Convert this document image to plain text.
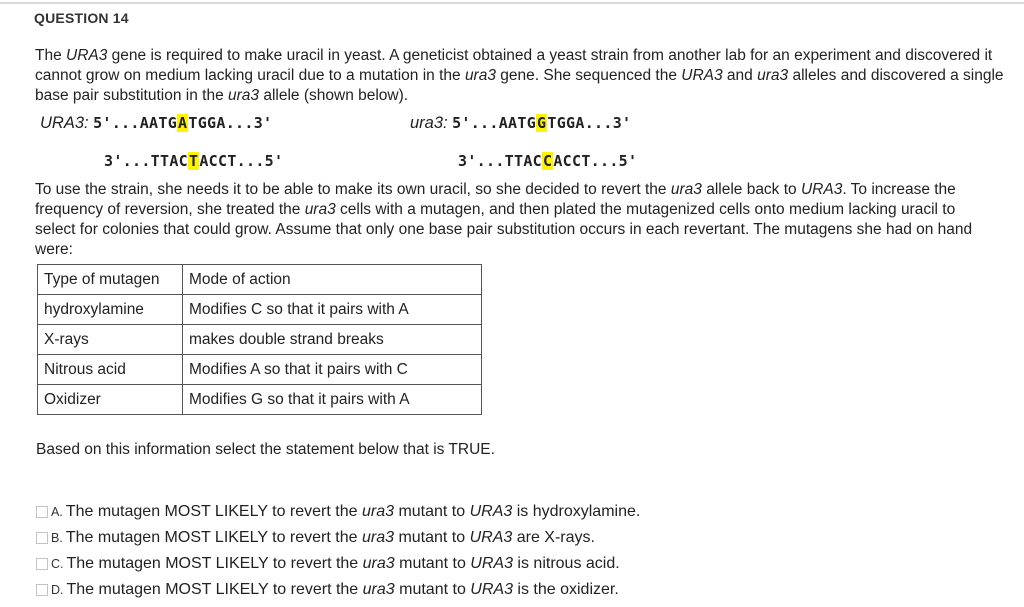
QUESTION 14
The URA3 gene is required to make uracil in yeast. A geneticist obtained a yeast strain from another lab for an experiment and discovered it cannot grow on medium lacking uracil due to a mutation in the ura3 gene. She sequenced the URA3 and ura3 alleles and discovered a single base pair substitution in the ura3 allele (shown below).
URA3: 5'...AATGATGGA...3'	ura3: 5'...AATGGTGGA...3'
3'...TTACTACCT...5'	3'...TTACCACCT...5'
To use the strain, she needs it to be able to make its own uracil, so she decided to revert the ura3 allele back to URA3. To increase the frequency of reversion, she treated the ura3 cells with a mutagen, and then plated the mutagenized cells onto medium lacking uracil to select for colonies that could grow. Assume that only one base pair substitution occurs in each revertant. The mutagens she had on hand were:
Type of mutagen	Mode of action
hydroxylamine	Modifies C so that it pairs with A
X-rays	makes double strand breaks
Nitrous acid	Modifies A so that it pairs with C
Oxidizer	Modifies G so that it pairs with A
Based on this information select the statement below that is TRUE.
A. The mutagen MOST LIKELY to revert the ura3 mutant to URA3 is hydroxylamine.
B. The mutagen MOST LIKELY to revert the ura3 mutant to URA3 are X-rays.
C. The mutagen MOST LIKELY to revert the ura3 mutant to URA3 is nitrous acid.
D. The mutagen MOST LIKELY to revert the ura3 mutant to URA3 is the oxidizer.
